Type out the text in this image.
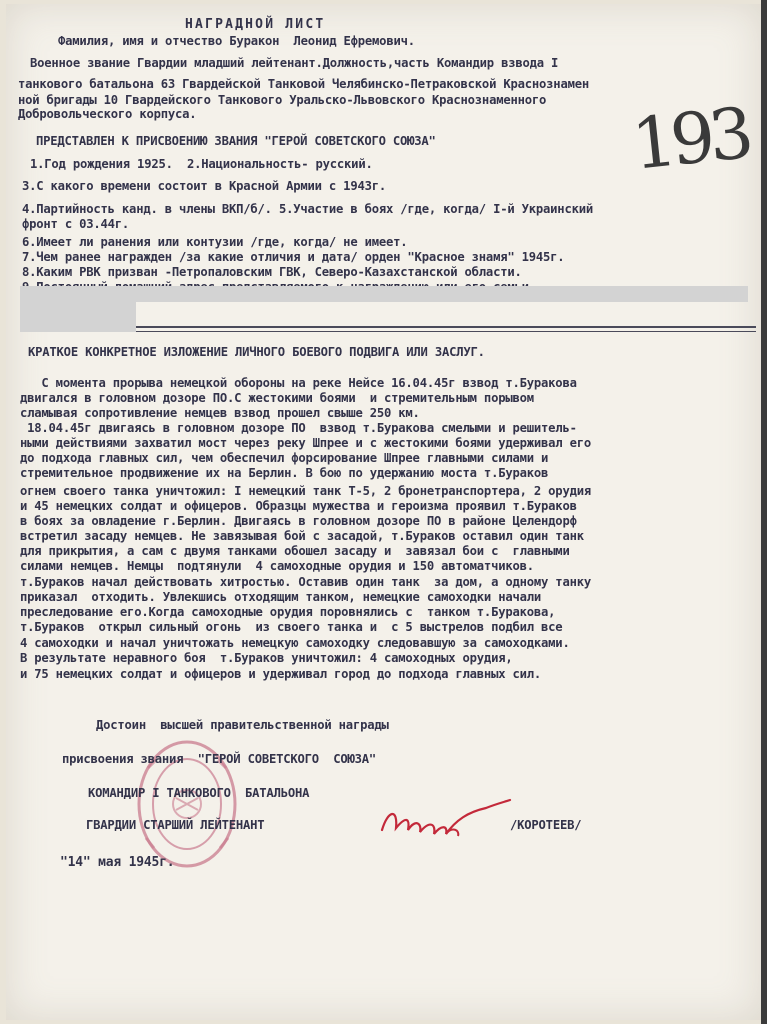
НАГРАДНОЙ ЛИСТ
Фамилия, имя и отчество Буракон  Леонид Ефремович.
Военное звание Гвардии младший лейтенант.Должность,часть Командир взвода I
танкового батальона 63 Гвардейской Танковой Челябинско-Петраковской Краснознамен
ной бригады 10 Гвардейского Танкового Уральско-Львовского Краснознаменного
Добровольческого корпуса.
ПРЕДСТАВЛЕН К ПРИСВОЕНИЮ ЗВАНИЯ "ГЕРОЙ СОВЕТСКОГО СОЮЗА"
1.Год рождения 1925.  2.Национальность- русский.
3.С какого времени состоит в Красной Армии с 1943г.
4.Партийность канд. в члены ВКП/б/. 5.Участие в боях /где, когда/ I-й Украинский
фронт с 03.44г.
6.Имеет ли ранения или контузии /где, когда/ не имеет.
7.Чем ранее награжден /за какие отличия и дата/ орден "Красное знамя" 1945г.
8.Каким РВК призван -Петропаловским ГВК, Северо-Казахстанской области.
КРАТКОЕ КОНКРЕТНОЕ ИЗЛОЖЕНИЕ ЛИЧНОГО БОЕВОГО ПОДВИГА ИЛИ ЗАСЛУГ.
С момента прорыва немецкой обороны на реке Нейсе 16.04.45г взвод т.Буракова
двигался в головном дозоре ПО.С жестокими боями  и стремительным порывом
сламывая сопротивление немцев взвод прошел свыше 250 км.
18.04.45г двигаясь в головном дозоре ПО  взвод т.Буракова смелыми и решитель-
ными действиями захватил мост через реку Шпрее и с жестокими боями удерживал его
до подхода главных сил, чем обеспечил форсирование Шпрее главными силами и
стремительное продвижение их на Берлин. В бою по удержанию моста т.Бураков
огнем своего танка уничтожил: I немецкий танк Т-5, 2 бронетранспортера, 2 орудия
и 45 немецких солдат и офицеров. Образцы мужества и героизма проявил т.Бураков
в боях за овладение г.Берлин. Двигаясь в головном дозоре ПО в районе Целендорф
встретил засаду немцев. Не завязывая бой с засадой, т.Бураков оставил один танк
для прикрытия, а сам с двумя танками обошел засаду и  завязал бои с  главными
силами немцев. Немцы  подтянули  4 самоходные орудия и 150 автоматчиков.
т.Бураков начал действовать хитростью. Оставив один танк  за дом, а одному танку
приказал  отходить. Увлекшись отходящим танком, немецкие самоходки начали
преследование его.Когда самоходные орудия поровнялись с  танком т.Буракова,
т.Бураков  открыл сильный огонь  из своего танка и  с 5 выстрелов подбил все
4 самоходки и начал уничтожать немецкую самоходку следовавшую за самоходками.
В результате неравного боя  т.Бураков уничтожил: 4 самоходных орудия,
и 75 немецких солдат и офицеров и удерживал город до подхода главных сил.
Достоин  высшей правительственной награды
присвоения звания  "ГЕРОЙ СОВЕТСКОГО  СОЮЗА"
КОМАНДИР I ТАНКОВОГО  БАТАЛЬОНА
ГВАРДИИ СТАРШИЙ ЛЕЙТЕНАНТ	/КОРОТЕЕВ/
"14" мая 1945г.
193
